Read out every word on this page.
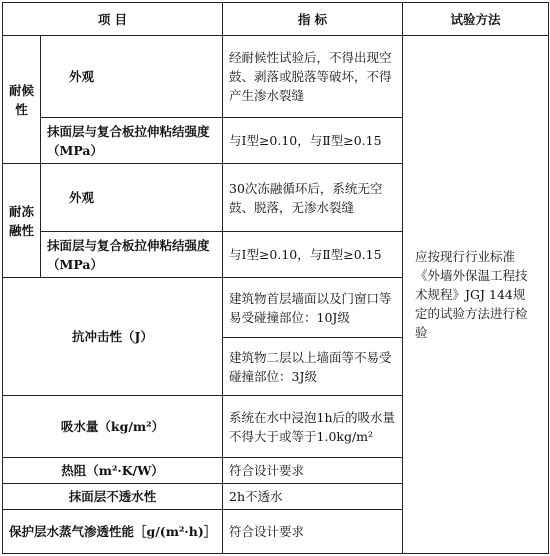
项 目		指 标	试验方法
耐候性	外观	经耐候性试验后，不得出现空鼓、剥落或脱落等破坏，不得产生渗水裂缝	应按现行行业标准《外墙外保温工程技术规程》JGJ 144规定的试验方法进行检验
	抹面层与复合板拉伸粘结强度（MPa）	与Ⅰ型≥0.10，与Ⅱ型≥0.15	
耐冻融性	外观	30次冻融循环后，系统无空鼓、脱落，无渗水裂缝	
	抹面层与复合板拉伸粘结强度（MPa）	与Ⅰ型≥0.10，与Ⅱ型≥0.15	
抗冲击性（J）		建筑物首层墙面以及门窗口等易受碰撞部位：10J级	
		建筑物二层以上墙面等不易受碰撞部位：3J级	
吸水量（kg/m²）		系统在水中浸泡1h后的吸水量不得大于或等于1.0kg/m²	
热阻（m²·K/W）		符合设计要求	
抹面层不透水性		2h不透水	
保护层水蒸气渗透性能［g/(m²·h)］		符合设计要求	
